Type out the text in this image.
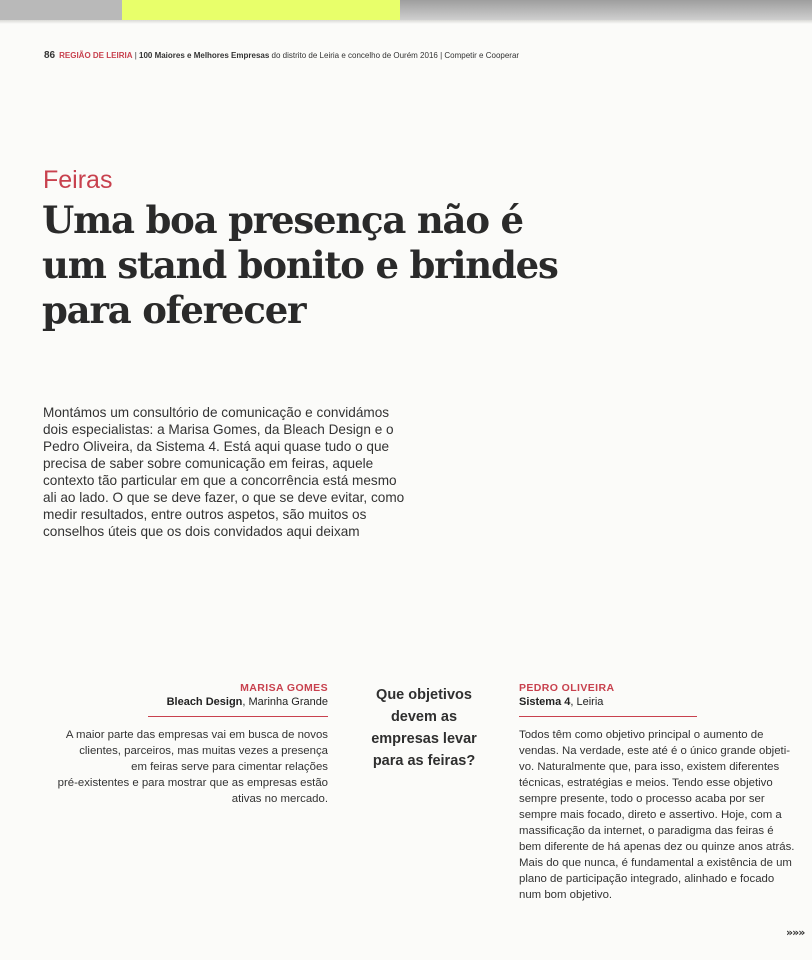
86 REGIÃO DE LEIRIA | 100 Maiores e Melhores Empresas do distrito de Leiria e concelho de Ourém 2016 | Competir e Cooperar
Feiras
Uma boa presença não é
um stand bonito e brindes
para oferecer
Montámos um consultório de comunicação e convidámos
dois especialistas: a Marisa Gomes, da Bleach Design e o
Pedro Oliveira, da Sistema 4. Está aqui quase tudo o que
precisa de saber sobre comunicação em feiras, aquele
contexto tão particular em que a concorrência está mesmo
ali ao lado. O que se deve fazer, o que se deve evitar, como
medir resultados, entre outros aspetos, são muitos os
conselhos úteis que os dois convidados aqui deixam
MARISA GOMES
Bleach Design, Marinha Grande
A maior parte das empresas vai em busca de novos
clientes, parceiros, mas muitas vezes a presença
em feiras serve para cimentar relações
pré-existentes e para mostrar que as empresas estão
ativas no mercado.
Que objetivos
devem as
empresas levar
para as feiras?
PEDRO OLIVEIRA
Sistema 4, Leiria
Todos têm como objetivo principal o aumento de
vendas. Na verdade, este até é o único grande objeti-
vo. Naturalmente que, para isso, existem diferentes
técnicas, estratégias e meios. Tendo esse objetivo
sempre presente, todo o processo acaba por ser
sempre mais focado, direto e assertivo. Hoje, com a
massificação da internet, o paradigma das feiras é
bem diferente de há apenas dez ou quinze anos atrás.
Mais do que nunca, é fundamental a existência de um
plano de participação integrado, alinhado e focado
num bom objetivo.
»»»
